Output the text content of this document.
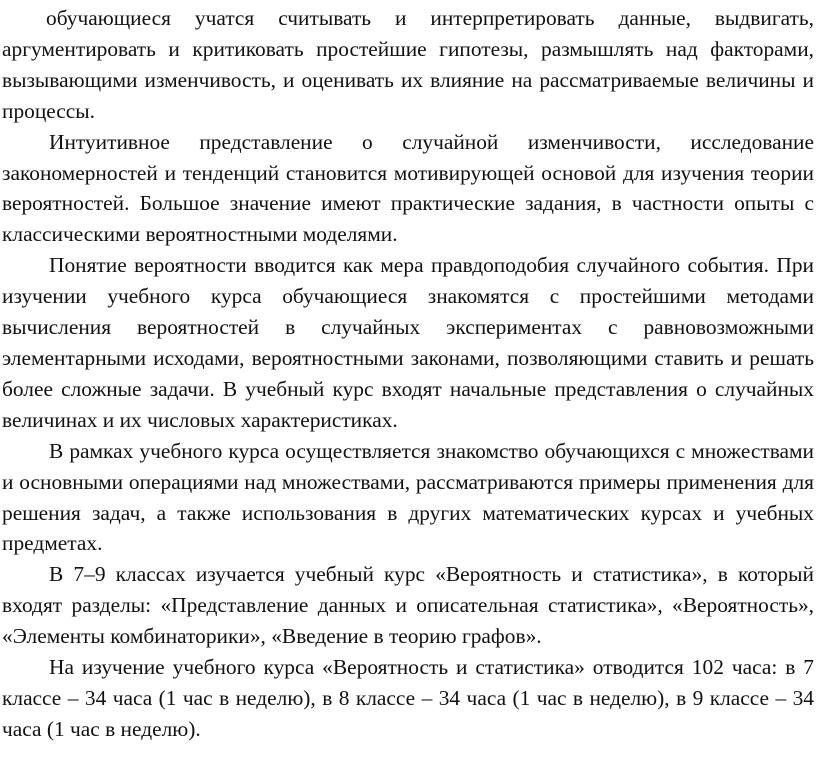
обучающиеся учатся считывать и интерпретировать данные, выдвигать, аргументировать и критиковать простейшие гипотезы, размышлять над факторами, вызывающими изменчивость, и оценивать их влияние на рассматриваемые величины и процессы.

Интуитивное представление о случайной изменчивости, исследование закономерностей и тенденций становится мотивирующей основой для изучения теории вероятностей. Большое значение имеют практические задания, в частности опыты с классическими вероятностными моделями.

Понятие вероятности вводится как мера правдоподобия случайного события. При изучении учебного курса обучающиеся знакомятся с простейшими методами вычисления вероятностей в случайных экспериментах с равновозможными элементарными исходами, вероятностными законами, позволяющими ставить и решать более сложные задачи. В учебный курс входят начальные представления о случайных величинах и их числовых характеристиках.

В рамках учебного курса осуществляется знакомство обучающихся с множествами и основными операциями над множествами, рассматриваются примеры применения для решения задач, а также использования в других математических курсах и учебных предметах.

В 7–9 классах изучается учебный курс «Вероятность и статистика», в который входят разделы: «Представление данных и описательная статистика», «Вероятность», «Элементы комбинаторики», «Введение в теорию графов».

На изучение учебного курса «Вероятность и статистика» отводится 102 часа: в 7 классе – 34 часа (1 час в неделю), в 8 классе – 34 часа (1 час в неделю), в 9 классе – 34 часа (1 час в неделю).
